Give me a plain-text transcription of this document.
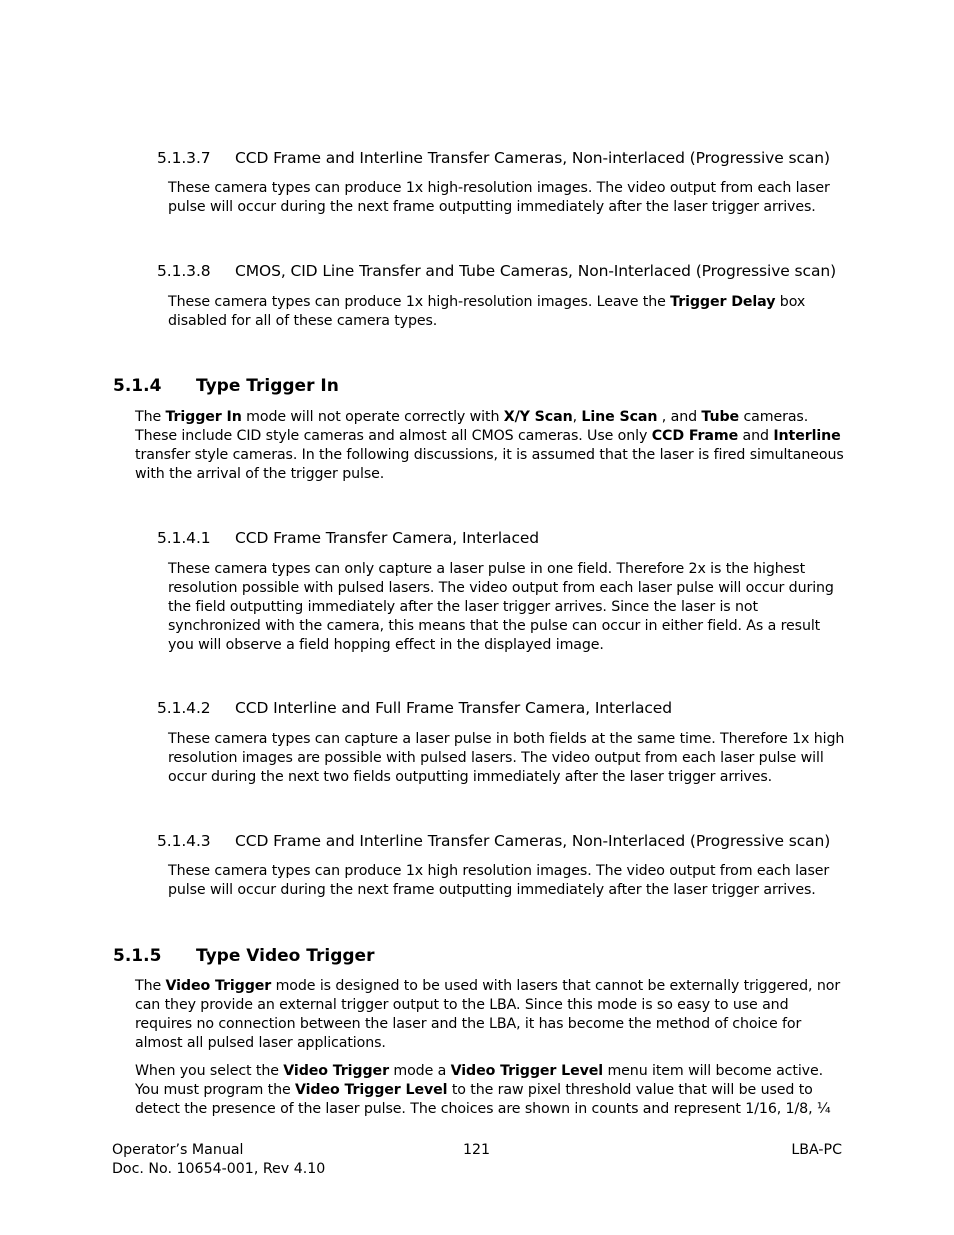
5.1.3.7 CCD Frame and Interline Transfer Cameras, Non-interlaced (Progressive scan)

These camera types can produce 1x high-resolution images. The video output from each laser pulse will occur during the next frame outputting immediately after the laser trigger arrives.

5.1.3.8 CMOS, CID Line Transfer and Tube Cameras, Non-Interlaced (Progressive scan)

These camera types can produce 1x high-resolution images. Leave the Trigger Delay box disabled for all of these camera types.

5.1.4 Type Trigger In

The Trigger In mode will not operate correctly with X/Y Scan, Line Scan , and Tube cameras. These include CID style cameras and almost all CMOS cameras. Use only CCD Frame and Interline transfer style cameras. In the following discussions, it is assumed that the laser is fired simultaneous with the arrival of the trigger pulse.

5.1.4.1 CCD Frame Transfer Camera, Interlaced

These camera types can only capture a laser pulse in one field. Therefore 2x is the highest resolution possible with pulsed lasers. The video output from each laser pulse will occur during the field outputting immediately after the laser trigger arrives. Since the laser is not synchronized with the camera, this means that the pulse can occur in either field. As a result you will observe a field hopping effect in the displayed image.

5.1.4.2 CCD Interline and Full Frame Transfer Camera, Interlaced

These camera types can capture a laser pulse in both fields at the same time. Therefore 1x high resolution images are possible with pulsed lasers. The video output from each laser pulse will occur during the next two fields outputting immediately after the laser trigger arrives.

5.1.4.3 CCD Frame and Interline Transfer Cameras, Non-Interlaced (Progressive scan)

These camera types can produce 1x high resolution images. The video output from each laser pulse will occur during the next frame outputting immediately after the laser trigger arrives.

5.1.5 Type Video Trigger

The Video Trigger mode is designed to be used with lasers that cannot be externally triggered, nor can they provide an external trigger output to the LBA. Since this mode is so easy to use and requires no connection between the laser and the LBA, it has become the method of choice for almost all pulsed laser applications.

When you select the Video Trigger mode a Video Trigger Level menu item will become active. You must program the Video Trigger Level to the raw pixel threshold value that will be used to detect the presence of the laser pulse. The choices are shown in counts and represent 1/16, 1/8, ¼

Operator’s Manual
Doc. No. 10654-001, Rev 4.10
121	LBA-PC
